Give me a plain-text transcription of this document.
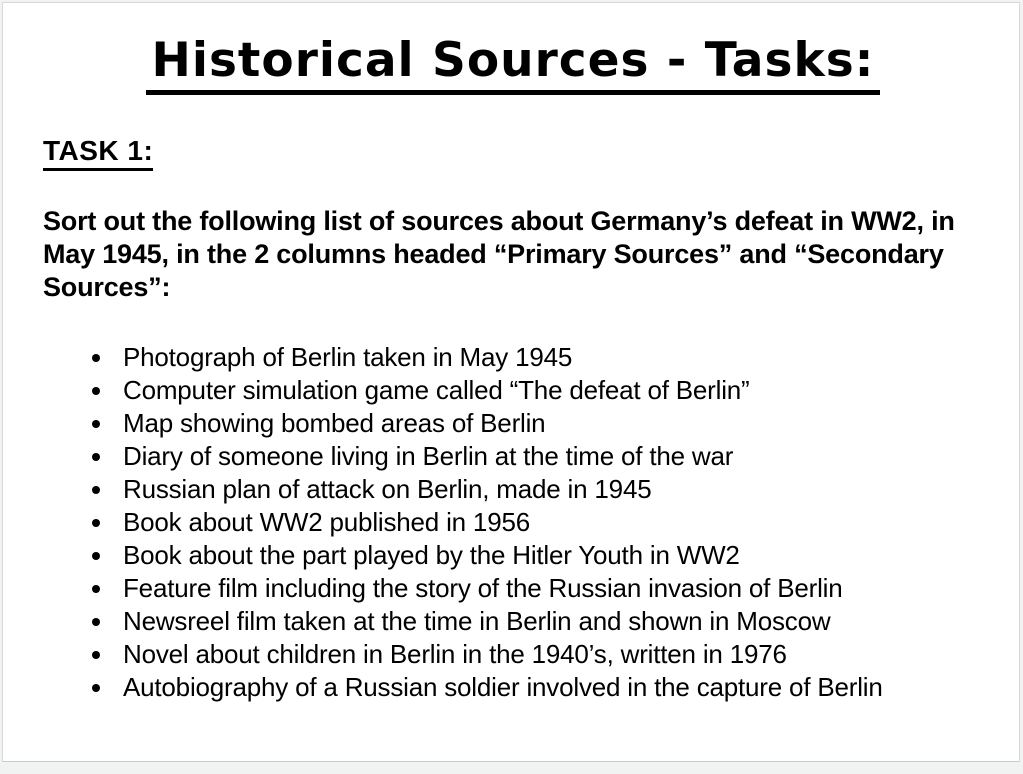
Historical Sources - Tasks:
TASK 1:

Sort out the following list of sources about Germany’s defeat in WW2, in May 1945, in the 2 columns headed “Primary Sources” and “Secondary Sources”:

• Photograph of Berlin taken in May 1945
• Computer simulation game called “The defeat of Berlin”
• Map showing bombed areas of Berlin
• Diary of someone living in Berlin at the time of the war
• Russian plan of attack on Berlin, made in 1945
• Book about WW2 published in 1956
• Book about the part played by the Hitler Youth in WW2
• Feature film including the story of the Russian invasion of Berlin
• Newsreel film taken at the time in Berlin and shown in Moscow
• Novel about children in Berlin in the 1940’s, written in 1976
• Autobiography of a Russian soldier involved in the capture of Berlin
